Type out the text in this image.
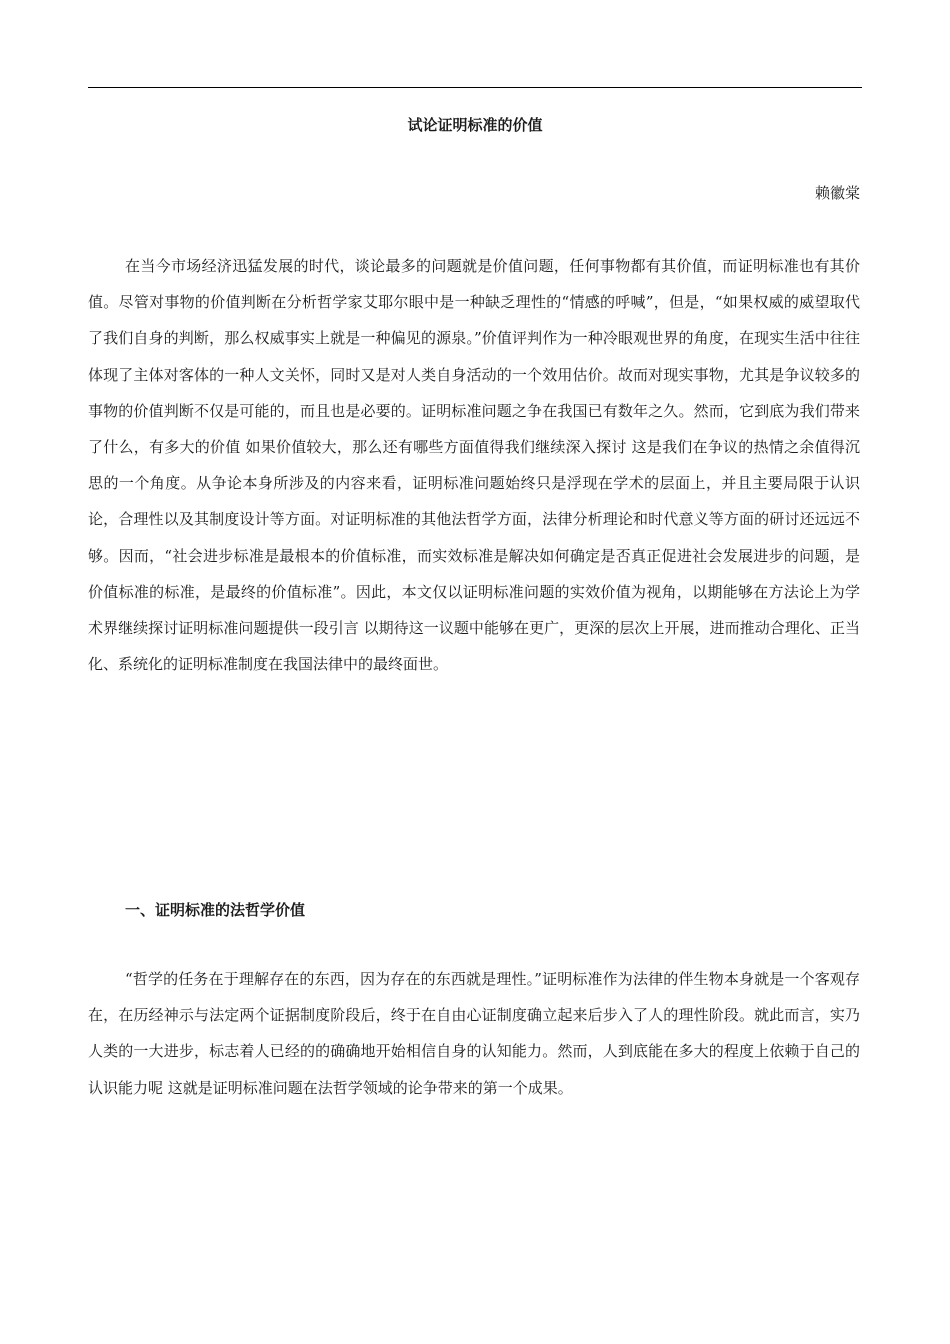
试论证明标准的价值

赖徽棠

在当今市场经济迅猛发展的时代，谈论最多的问题就是价值问题，任何事物都有其价值，而证明标准也有其价值。尽管对事物的价值判断在分析哲学家艾耶尔眼中是一种缺乏理性的“情感的呼喊”，但是，“如果权威的威望取代了我们自身的判断，那么权威事实上就是一种偏见的源泉。”价值评判作为一种冷眼观世界的角度，在现实生活中往往体现了主体对客体的一种人文关怀，同时又是对人类自身活动的一个效用估价。故而对现实事物，尤其是争议较多的事物的价值判断不仅是可能的，而且也是必要的。证明标准问题之争在我国已有数年之久。然而，它到底为我们带来了什么，有多大的价值 如果价值较大，那么还有哪些方面值得我们继续深入探讨 这是我们在争议的热情之余值得沉思的一个角度。从争论本身所涉及的内容来看，证明标准问题始终只是浮现在学术的层面上，并且主要局限于认识论，合理性以及其制度设计等方面。对证明标准的其他法哲学方面，法律分析理论和时代意义等方面的研讨还远远不够。因而，“社会进步标准是最根本的价值标准，而实效标准是解决如何确定是否真正促进社会发展进步的问题，是价值标准的标准，是最终的价值标准”。因此，本文仅以证明标准问题的实效价值为视角，以期能够在方法论上为学术界继续探讨证明标准问题提供一段引言 以期待这一议题中能够在更广，更深的层次上开展，进而推动合理化、正当化、系统化的证明标准制度在我国法律中的最终面世。

一、证明标准的法哲学价值

“哲学的任务在于理解存在的东西，因为存在的东西就是理性。”证明标准作为法律的伴生物本身就是一个客观存在，在历经神示与法定两个证据制度阶段后，终于在自由心证制度确立起来后步入了人的理性阶段。就此而言，实乃人类的一大进步，标志着人已经的的确确地开始相信自身的认知能力。然而，人到底能在多大的程度上依赖于自己的认识能力呢 这就是证明标准问题在法哲学领域的论争带来的第一个成果。
